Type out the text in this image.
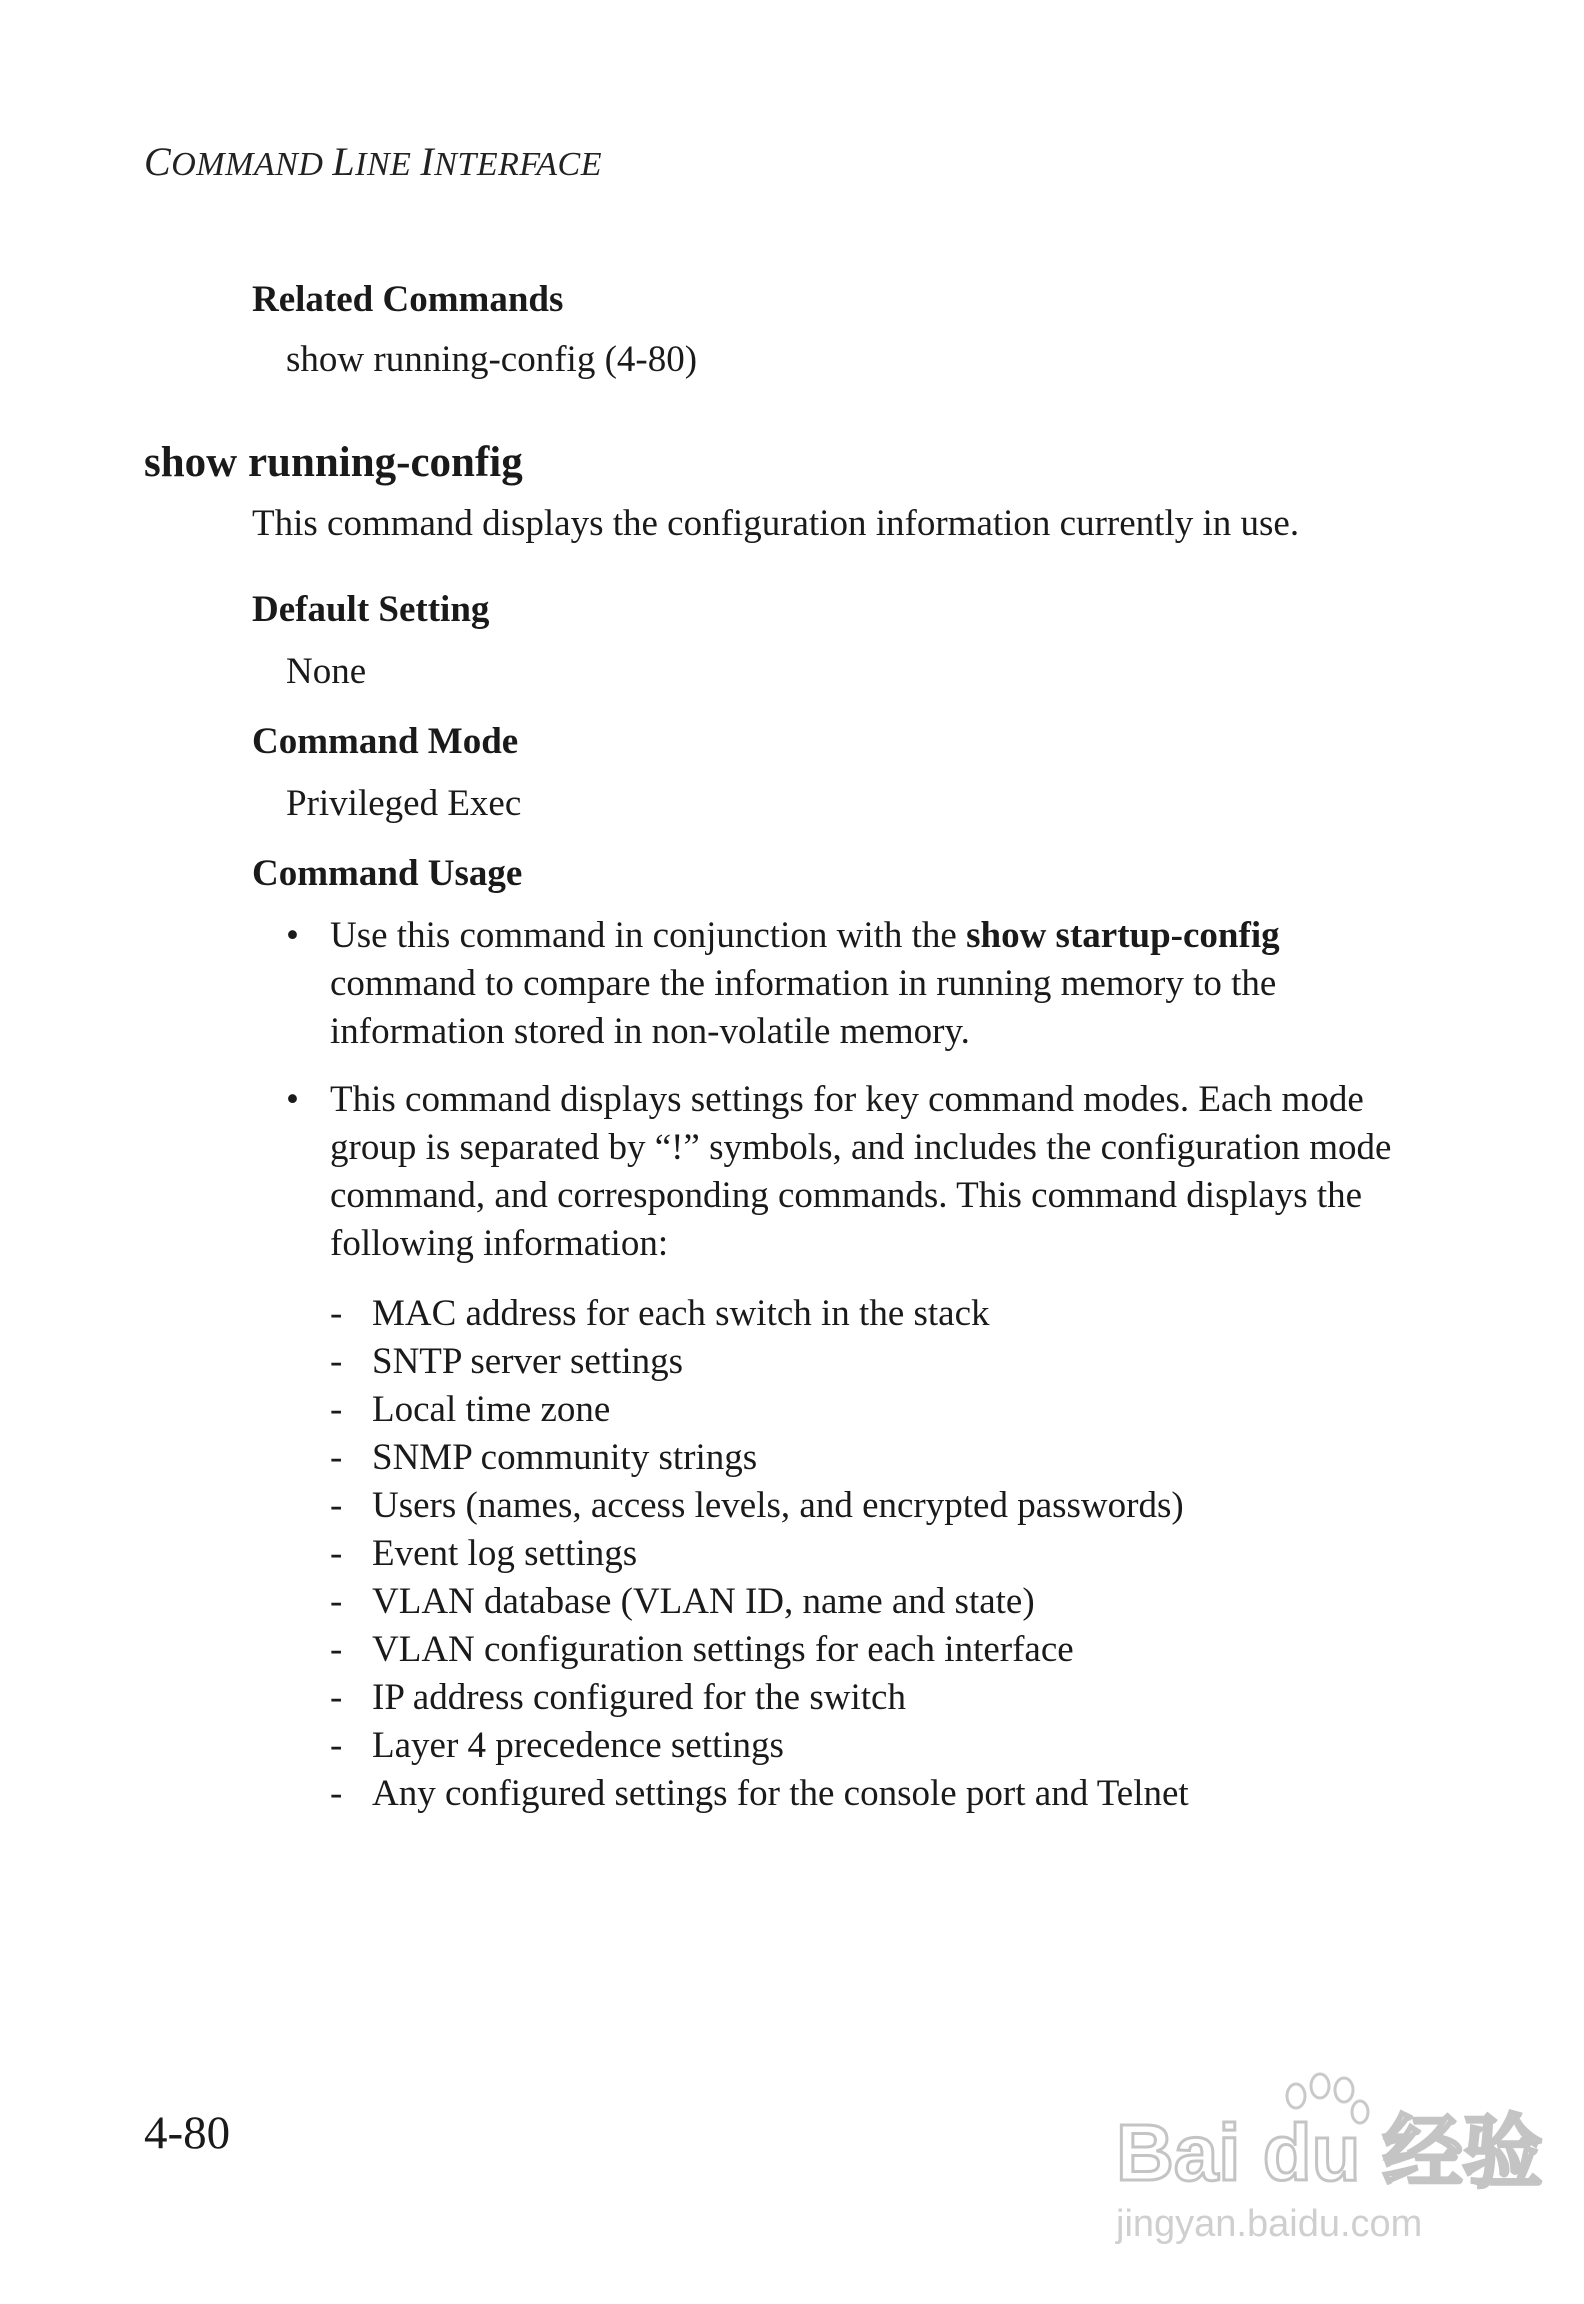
COMMAND LINE INTERFACE
Related Commands
show running-config (4-80)
show running-config
This command displays the configuration information currently in use.
Default Setting
None
Command Mode
Privileged Exec
Command Usage
• Use this command in conjunction with the show startup-config command to compare the information in running memory to the information stored in non-volatile memory.
• This command displays settings for key command modes. Each mode group is separated by “!” symbols, and includes the configuration mode command, and corresponding commands. This command displays the following information:
- MAC address for each switch in the stack
- SNTP server settings
- Local time zone
- SNMP community strings
- Users (names, access levels, and encrypted passwords)
- Event log settings
- VLAN database (VLAN ID, name and state)
- VLAN configuration settings for each interface
- IP address configured for the switch
- Layer 4 precedence settings
- Any configured settings for the console port and Telnet
4-80	Bai du 经验
jingyan.baidu.com
